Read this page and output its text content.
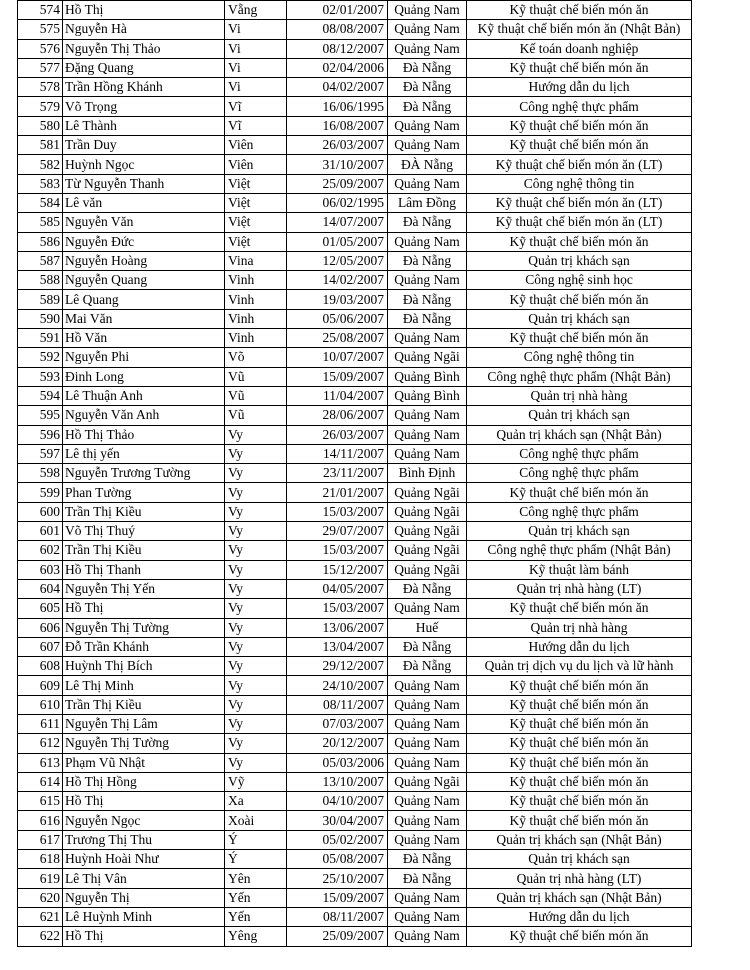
574	Hồ Thị	Vẵng	02/01/2007	Quảng Nam	Kỹ thuật chế biến món ăn
575	Nguyễn Hà	Vi	08/08/2007	Quảng Nam	Kỹ thuật chế biến món ăn (Nhật Bản)
576	Nguyễn Thị Thảo	Vi	08/12/2007	Quảng Nam	Kế toán doanh nghiệp
577	Đặng Quang	Vi	02/04/2006	Đà Nẵng	Kỹ thuật chế biến món ăn
578	Trần Hồng Khánh	Vi	04/02/2007	Đà Nẵng	Hướng dẫn du lịch
579	Võ Trọng	Vĩ	16/06/1995	Đà Nẵng	Công nghệ thực phẩm
580	Lê Thành	Vĩ	16/08/2007	Quảng Nam	Kỹ thuật chế biến món ăn
581	Trần Duy	Viên	26/03/2007	Quảng Nam	Kỹ thuật chế biến món ăn
582	Huỳnh Ngọc	Viên	31/10/2007	ĐÀ Nẵng	Kỹ thuật chế biến món ăn (LT)
583	Từ Nguyễn Thanh	Việt	25/09/2007	Quảng Nam	Công nghệ thông tin
584	Lê văn	Việt	06/02/1995	Lâm Đồng	Kỹ thuật chế biến món ăn (LT)
585	Nguyễn Văn	Việt	14/07/2007	Đà Nẵng	Kỹ thuật chế biến món ăn (LT)
586	Nguyễn Đức	Việt	01/05/2007	Quảng Nam	Kỹ thuật chế biến món ăn
587	Nguyễn Hoàng	Vina	12/05/2007	Đà Nẵng	Quản trị khách sạn
588	Nguyễn Quang	Vinh	14/02/2007	Quảng Nam	Công nghệ sinh học
589	Lê Quang	Vinh	19/03/2007	Đà Nẵng	Kỹ thuật chế biến món ăn
590	Mai Văn	Vinh	05/06/2007	Đà Nẵng	Quản trị khách sạn
591	Hồ Văn	Vinh	25/08/2007	Quảng Nam	Kỹ thuật chế biến món ăn
592	Nguyễn Phi	Võ	10/07/2007	Quảng Ngãi	Công nghệ thông tin
593	Đinh Long	Vũ	15/09/2007	Quảng Bình	Công nghệ thực phẩm (Nhật Bản)
594	Lê Thuận Anh	Vũ	11/04/2007	Quảng Bình	Quản trị nhà hàng
595	Nguyễn Văn Anh	Vũ	28/06/2007	Quảng Nam	Quản trị khách sạn
596	Hồ Thị Thảo	Vy	26/03/2007	Quảng Nam	Quản trị khách sạn (Nhật Bản)
597	Lê thị yến	Vy	14/11/2007	Quảng Nam	Công nghệ thực phẩm
598	Nguyễn Trương Tường	Vy	23/11/2007	Bình Định	Công nghệ thực phẩm
599	Phan Tường	Vy	21/01/2007	Quảng Ngãi	Kỹ thuật chế biến món ăn
600	Trần Thị Kiều	Vy	15/03/2007	Quảng Ngãi	Công nghệ thực phẩm
601	Võ Thị Thuý	Vy	29/07/2007	Quảng Ngãi	Quản trị khách sạn
602	Trần Thị Kiều	Vy	15/03/2007	Quảng Ngãi	Công nghệ thực phẩm (Nhật Bản)
603	Hồ Thị Thanh	Vy	15/12/2007	Quảng Ngãi	Kỹ thuật làm bánh
604	Nguyễn Thị Yến	Vy	04/05/2007	Đà Nẵng	Quản trị nhà hàng (LT)
605	Hồ Thị	Vy	15/03/2007	Quảng Nam	Kỹ thuật chế biến món ăn
606	Nguyễn Thị Tường	Vy	13/06/2007	Huế	Quản trị nhà hàng
607	Đỗ Trần Khánh	Vy	13/04/2007	Đà Nẵng	Hướng dẫn du lịch
608	Huỳnh Thị Bích	Vy	29/12/2007	Đà Nẵng	Quản trị dịch vụ du lịch và lữ hành
609	Lê Thị Minh	Vy	24/10/2007	Quảng Nam	Kỹ thuật chế biến món ăn
610	Trần Thị Kiều	Vy	08/11/2007	Quảng Nam	Kỹ thuật chế biến món ăn
611	Nguyễn Thị Lâm	Vy	07/03/2007	Quảng Nam	Kỹ thuật chế biến món ăn
612	Nguyễn Thị Tường	Vy	20/12/2007	Quảng Nam	Kỹ thuật chế biến món ăn
613	Phạm Vũ Nhật	Vy	05/03/2006	Quảng Nam	Kỹ thuật chế biến món ăn
614	Hồ Thị Hồng	Vỹ	13/10/2007	Quảng Ngãi	Kỹ thuật chế biến món ăn
615	Hồ Thị	Xa	04/10/2007	Quảng Nam	Kỹ thuật chế biến món ăn
616	Nguyễn Ngọc	Xoài	30/04/2007	Quảng Nam	Kỹ thuật chế biến món ăn
617	Trương Thị Thu	Ý	05/02/2007	Quảng Nam	Quản trị khách sạn (Nhật Bản)
618	Huỳnh Hoài Như	Ý	05/08/2007	Đà Nẵng	Quản trị khách sạn
619	Lê Thị Vân	Yên	25/10/2007	Đà Nẵng	Quản trị nhà hàng (LT)
620	Nguyễn Thị	Yến	15/09/2007	Quảng Nam	Quản trị khách sạn (Nhật Bản)
621	Lê Huỳnh Minh	Yến	08/11/2007	Quảng Nam	Hướng dẫn du lịch
622	Hồ Thị	Yêng	25/09/2007	Quảng Nam	Kỹ thuật chế biến món ăn
